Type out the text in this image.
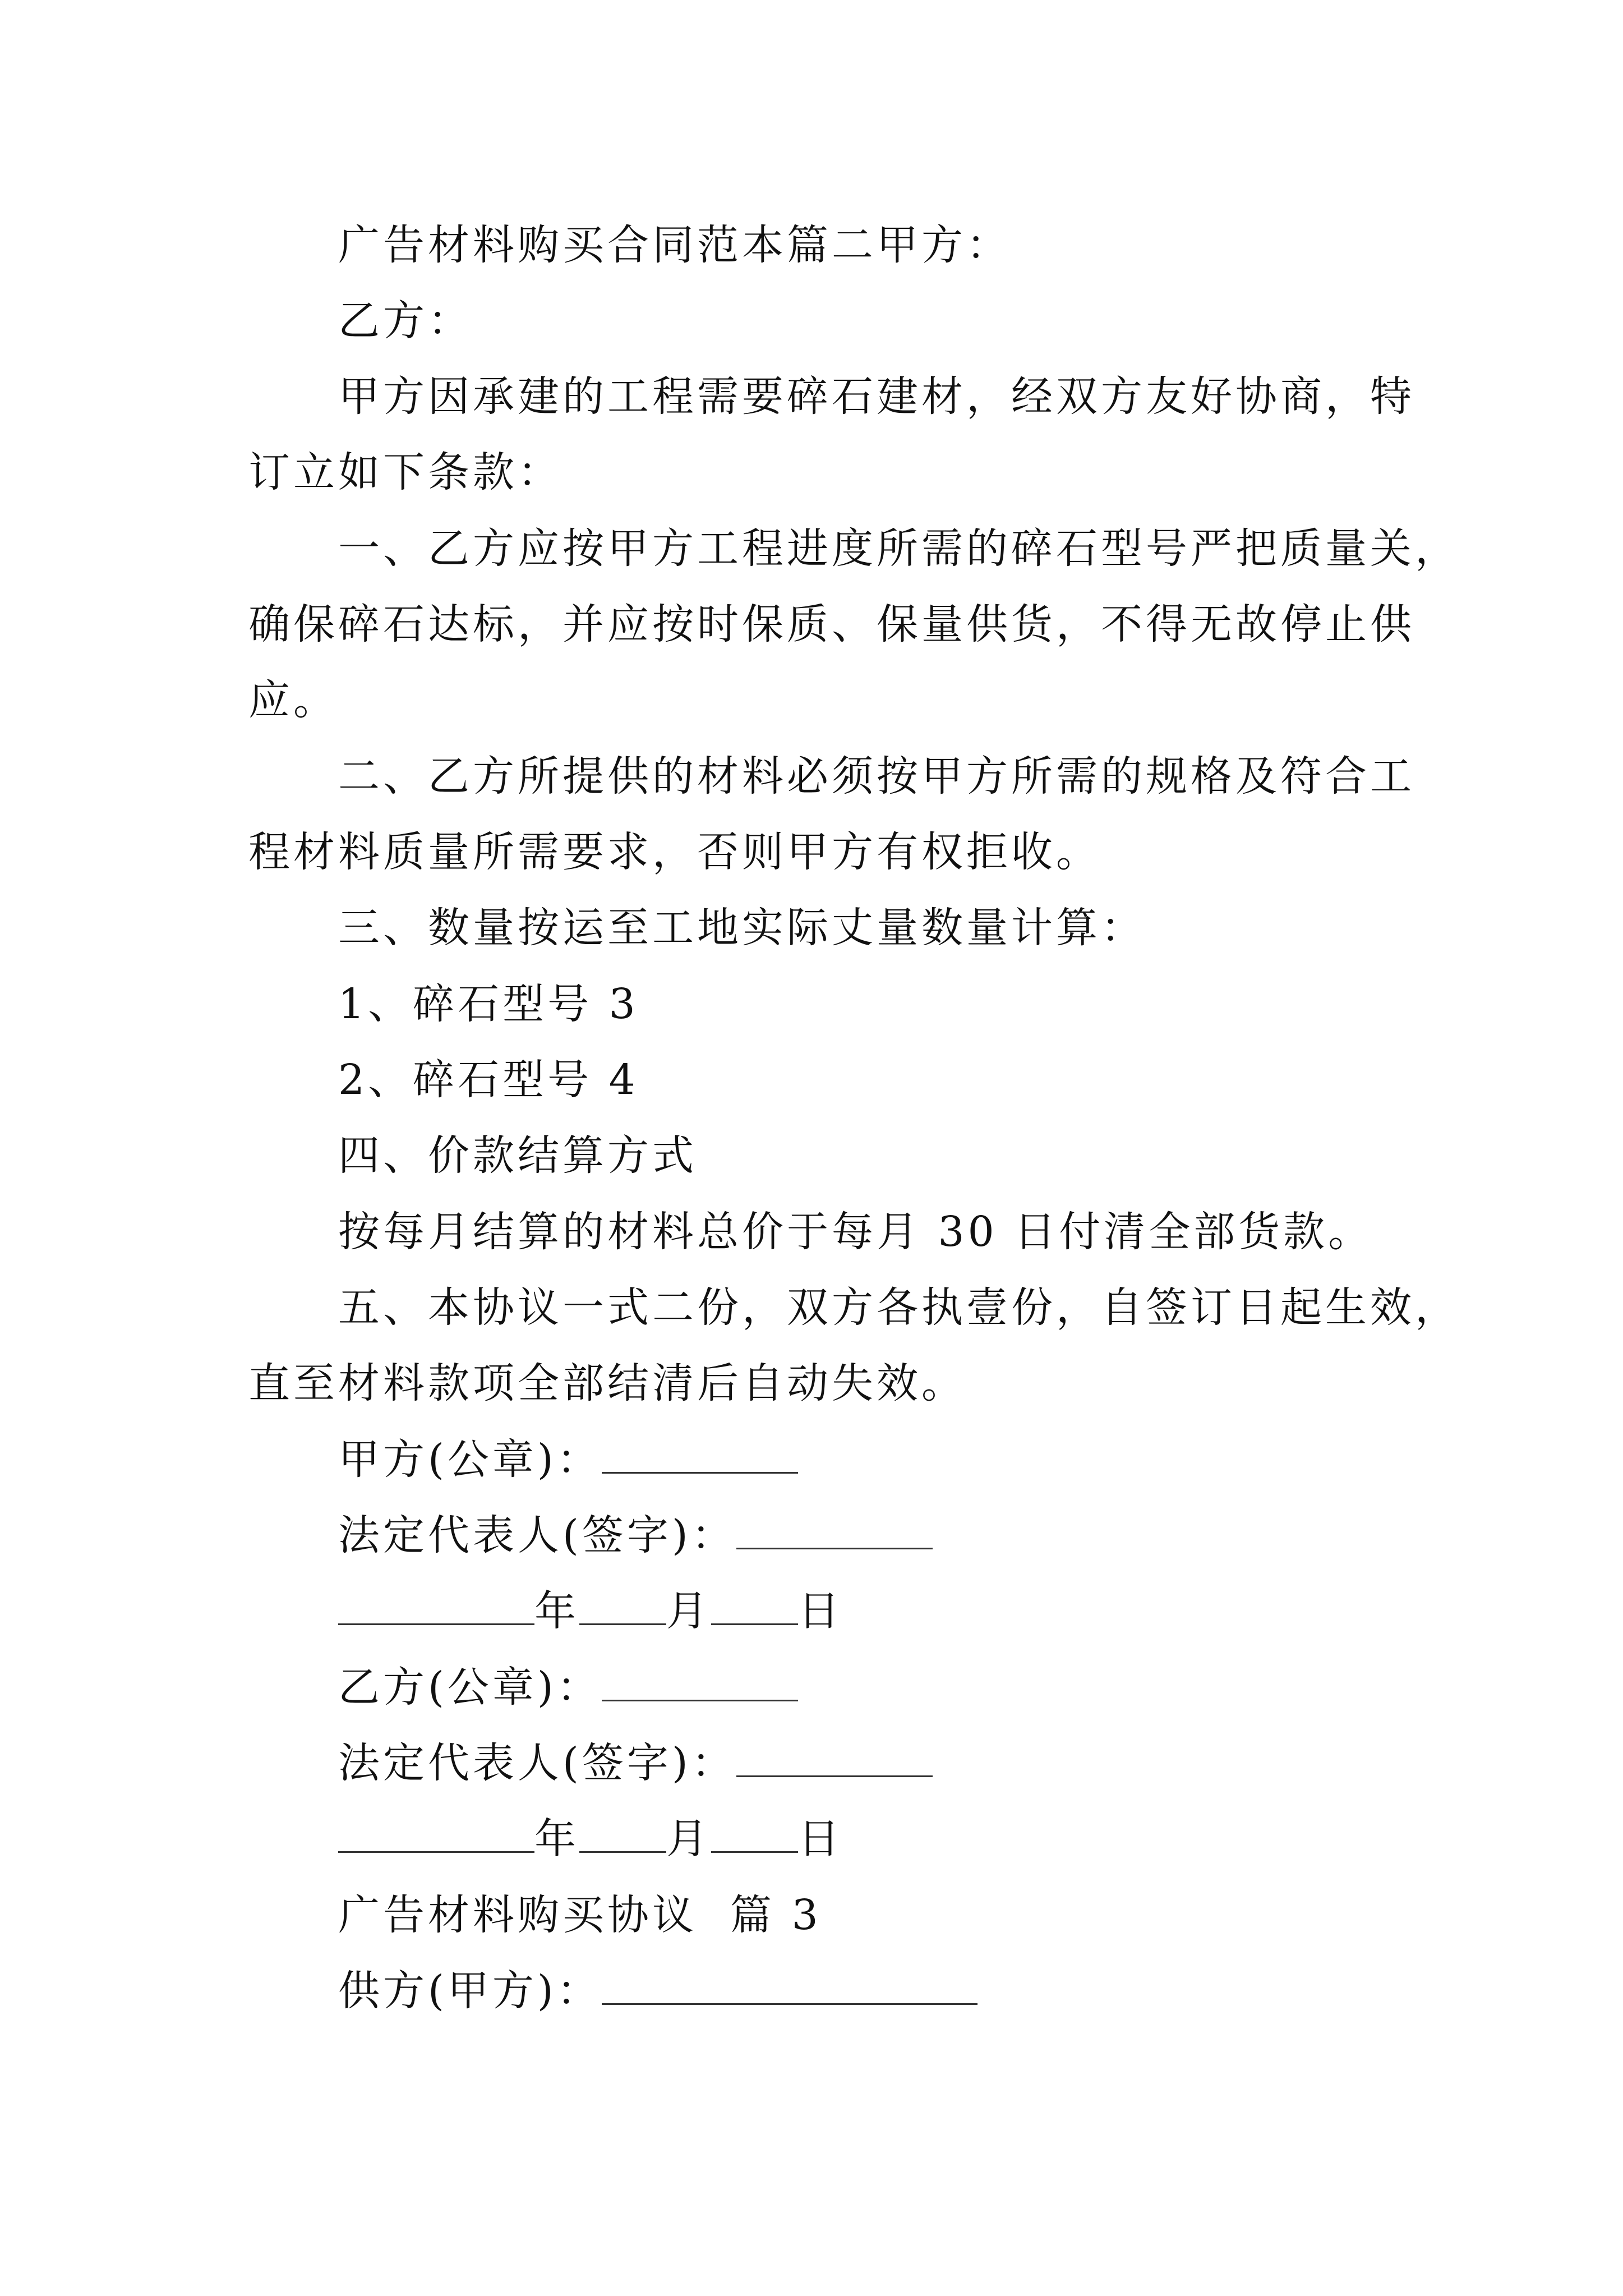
广告材料购买合同范本篇二甲方：
乙方：
甲方因承建的工程需要碎石建材，经双方友好协商，特
订立如下条款：
一、乙方应按甲方工程进度所需的碎石型号严把质量关，
确保碎石达标，并应按时保质、保量供货，不得无故停止供
应。
二、乙方所提供的材料必须按甲方所需的规格及符合工
程材料质量所需要求，否则甲方有权拒收。
三、数量按运至工地实际丈量数量计算：
1、碎石型号 3
2、碎石型号 4
四、价款结算方式
按每月结算的材料总价于每月 30 日付清全部货款。
五、本协议一式二份，双方各执壹份，自签订日起生效，
直至材料款项全部结清后自动失效。
甲方(公章)：
法定代表人(签字)：
年 月 日
乙方(公章)：
法定代表人(签字)：
年 月 日
广告材料购买协议  篇 3
供方(甲方)：
